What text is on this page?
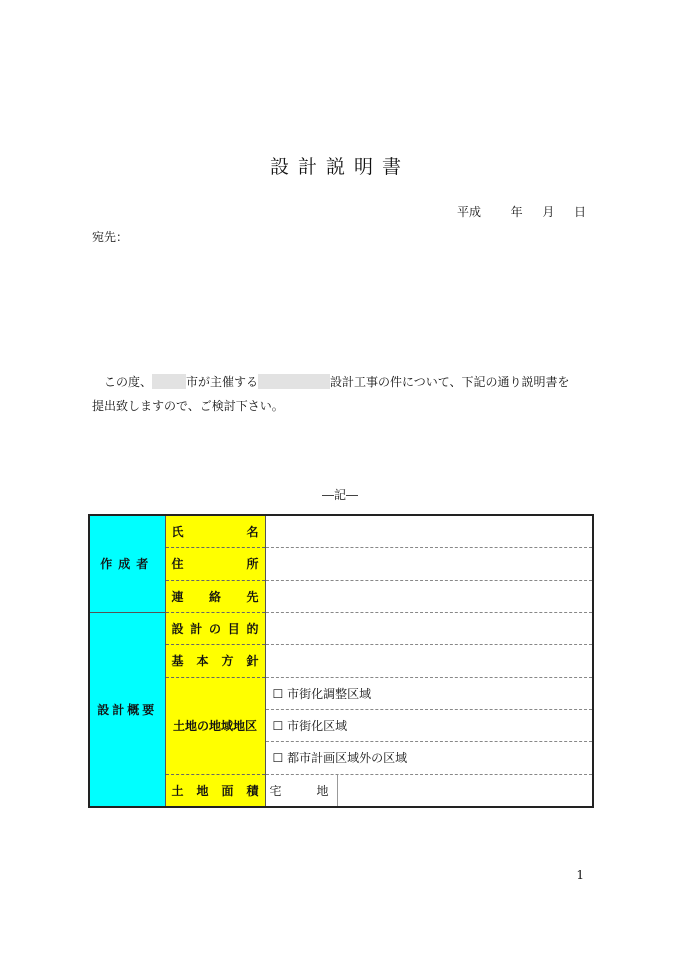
設計説明書
平成 年 月 日
宛先：
この度、	市が主催する	設計工事の件について、下記の通り説明書を
提出致しますので、ご検討下さい。
―記―
作成者	氏 名	

	住 所	

	連 絡 先	

設計概要	設 計 の 目 的	

	基 本 方 針	

	土地の地域地区	☐ 市街化調整区域
		☐ 市街化区域
		☐ 都市計画区域外の区域

	土 地 面 積	宅 地
1
